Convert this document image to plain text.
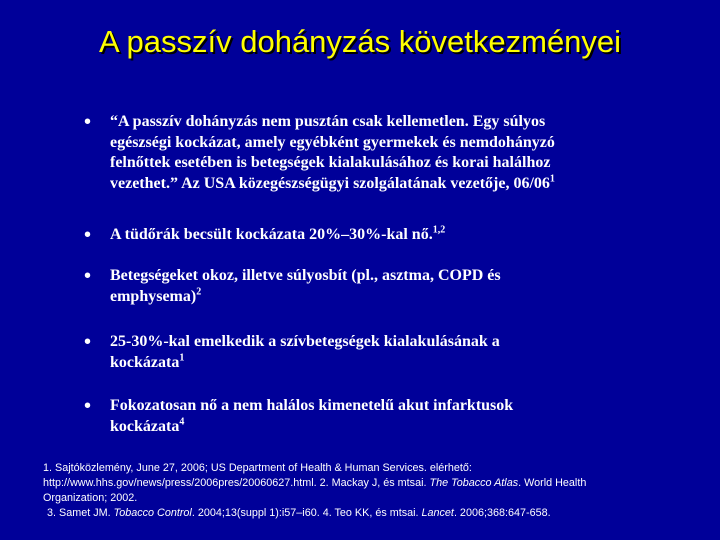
A passzív dohányzás következményei
• “A passzív dohányzás nem pusztán csak kellemetlen. Egy súlyos
egészségi kockázat, amely egyébként gyermekek és nemdohányzó
felnőttek esetében is betegségek kialakulásához és korai halálhoz
vezethet.” Az USA közegészségügyi szolgálatának vezetője, $06/06^1$
• A tüdőrák becsült kockázata 20%–30%-kal nő.$^{1,2}$
• Betegségeket okoz, illetve súlyosbít (pl., asztma, COPD és
emphysema)$^2$
• 25-30%-kal emelkedik a szívbetegségek kialakulásának a
kockázata$^1$
• Fokozatosan nő a nem halálos kimenetelű akut infarktusok
kockázata$^4$
1. Sajtóközlemény, June 27, 2006; US Department of Health & Human Services. elérhető:
http://www.hhs.gov/news/press/2006pres/20060627.html. 2. Mackay J, és mtsai. The Tobacco Atlas. World Health
Organization; 2002.
3. Samet JM. Tobacco Control. 2004;13(suppl 1):i57–i60. 4. Teo KK, és mtsai. Lancet. 2006;368:647-658.
